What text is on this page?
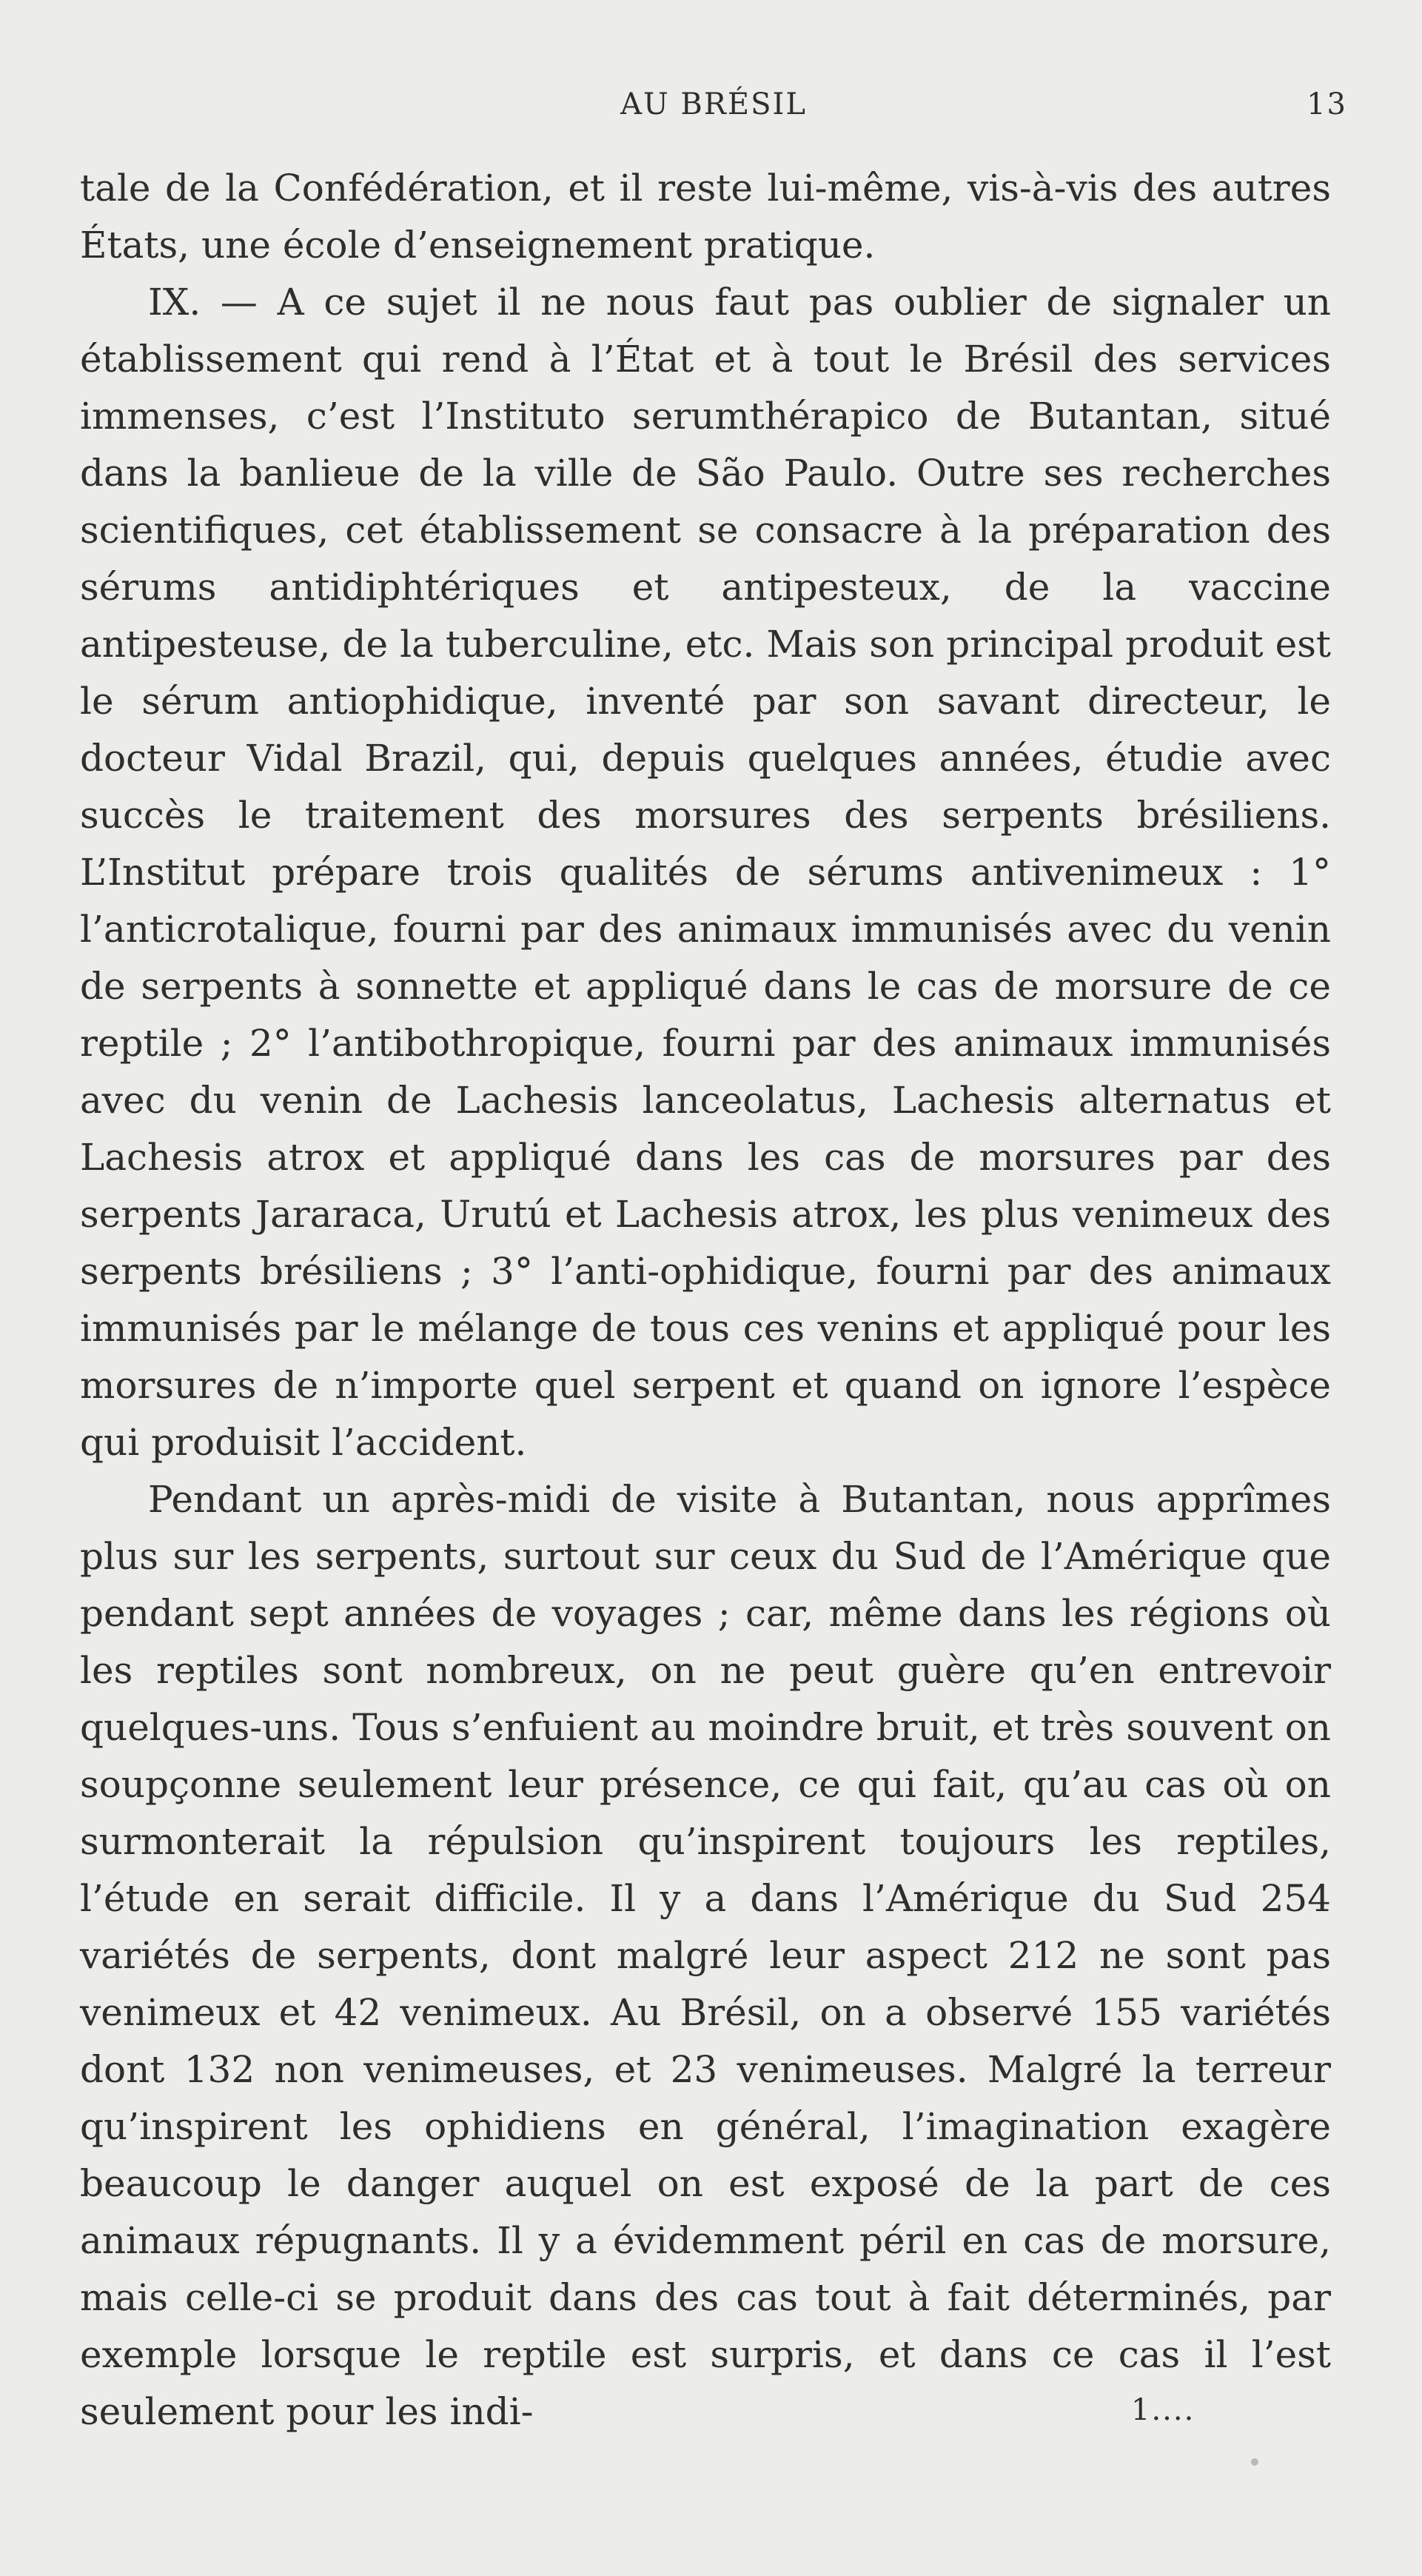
AU BRÉSIL	13

tale de la Confédération, et il reste lui-même, vis-à-vis des autres États, une école d’enseignement pratique.

IX. — A ce sujet il ne nous faut pas oublier de signaler un établissement qui rend à l’État et à tout le Brésil des services immenses, c’est l’Instituto serumthérapico de Butantan, situé dans la banlieue de la ville de São Paulo. Outre ses recherches scientifiques, cet établissement se consacre à la préparation des sérums antidiphtériques et antipesteux, de la vaccine antipesteuse, de la tuberculine, etc. Mais son principal produit est le sérum antiophidique, inventé par son savant directeur, le docteur Vidal Brazil, qui, depuis quelques années, étudie avec succès le traitement des morsures des serpents brésiliens. L’Institut prépare trois qualités de sérums antivenimeux : 1° l’anticrotalique, fourni par des animaux immunisés avec du venin de serpents à sonnette et appliqué dans le cas de morsure de ce reptile ; 2° l’antibothropique, fourni par des animaux immunisés avec du venin de Lachesis lanceolatus, Lachesis alternatus et Lachesis atrox et appliqué dans les cas de morsures par des serpents Jararaca, Urutú et Lachesis atrox, les plus venimeux des serpents brésiliens ; 3° l’anti-ophidique, fourni par des animaux immunisés par le mélange de tous ces venins et appliqué pour les morsures de n’importe quel serpent et quand on ignore l’espèce qui produisit l’accident.

Pendant un après-midi de visite à Butantan, nous apprîmes plus sur les serpents, surtout sur ceux du Sud de l’Amérique que pendant sept années de voyages ; car, même dans les régions où les reptiles sont nombreux, on ne peut guère qu’en entrevoir quelques-uns. Tous s’enfuient au moindre bruit, et très souvent on soupçonne seulement leur présence, ce qui fait, qu’au cas où on surmonterait la répulsion qu’inspirent toujours les reptiles, l’étude en serait difficile. Il y a dans l’Amérique du Sud 254 variétés de serpents, dont malgré leur aspect 212 ne sont pas venimeux et 42 venimeux. Au Brésil, on a observé 155 variétés dont 132 non venimeuses, et 23 venimeuses. Malgré la terreur qu’inspirent les ophidiens en général, l’imagination exagère beaucoup le danger auquel on est exposé de la part de ces animaux répugnants. Il y a évidemment péril en cas de morsure, mais celle-ci se produit dans des cas tout à fait déterminés, par exemple lorsque le reptile est surpris, et dans ce cas il l’est seulement pour les indi-	1....
